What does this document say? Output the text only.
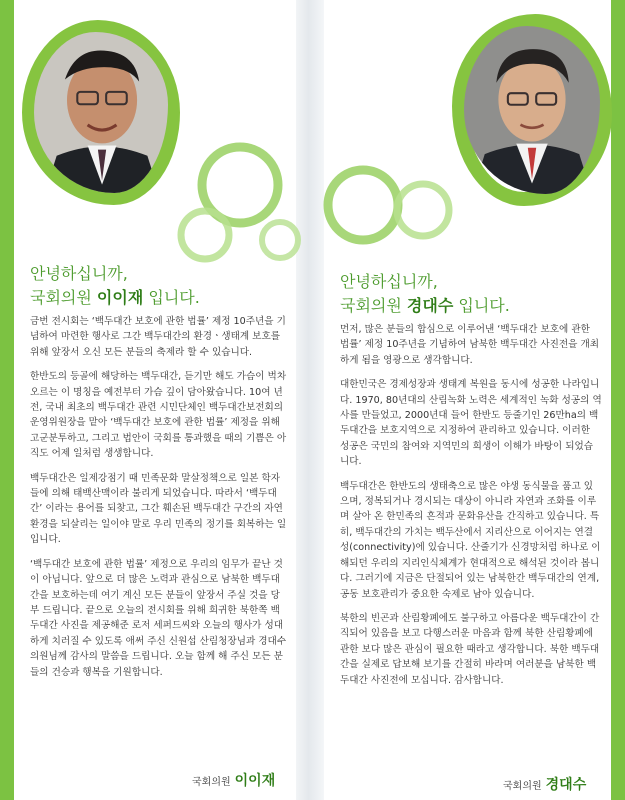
안녕하십니까,
국회의원 이이재 입니다.

금번 전시회는 ‘백두대간 보호에 관한 법률’ 제정 10주년을 기념하여 마련한 행사로 그간 백두대간의 환경ㆍ생태계 보호를 위해 앞장서 오신 모든 분들의 축제라 할 수 있습니다.

한반도의 등골에 해당하는 백두대간, 듣기만 해도 가슴이 벅차오르는 이 명칭을 예전부터 가슴 깊이 담아왔습니다. 10여 년 전, 국내 최초의 백두대간 관련 시민단체인 백두대간보전회의 운영위원장을 맡아 ‘백두대간 보호에 관한 법률’ 제정을 위해 고군분투하고, 그리고 법안이 국회를 통과했을 때의 기쁨은 아직도 어제 일처럼 생생합니다.

백두대간은 일제강점기 때 민족문화 말살정책으로 일본 학자들에 의해 태백산맥이라 불리게 되었습니다. 따라서 ‘백두대간’ 이라는 용어를 되찾고, 그간 훼손된 백두대간 구간의 자연환경을 되살리는 일이야 말로 우리 민족의 정기를 회복하는 일입니다.

‘백두대간 보호에 관한 법률’ 제정으로 우리의 임무가 끝난 것이 아닙니다. 앞으로 더 많은 노력과 관심으로 남북한 백두대간을 보호하는데 여기 계신 모든 분들이 앞장서 주실 것을 당부 드립니다. 끝으로 오늘의 전시회를 위해 희귀한 북한쪽 백두대간 사진을 제공해준 로저 세퍼드씨와 오늘의 행사가 성대하게 치러질 수 있도록 애써 주신 신원섭 산림청장님과 경대수 의원님께 감사의 말씀을 드립니다. 오늘 함께 해 주신 모든 분들의 건승과 행복을 기원합니다.

국회의원 이이재
안녕하십니까,
국회의원 경대수 입니다.

먼저, 많은 분들의 합심으로 이루어낸 ‘백두대간 보호에 관한 법률’ 제정 10주년을 기념하여 남북한 백두대간 사진전을 개최하게 됨을 영광으로 생각합니다.

대한민국은 경제성장과 생태계 복원을 동시에 성공한 나라입니다. 1970, 80년대의 산림녹화 노력은 세계적인 녹화 성공의 역사를 만들었고, 2000년대 들어 한반도 등줄기인 26만ha의 백두대간을 보호지역으로 지정하여 관리하고 있습니다. 이러한 성공은 국민의 참여와 지역민의 희생이 이해가 바탕이 되었습니다.

백두대간은 한반도의 생태축으로 많은 야생 동식물을 품고 있으며, 정복되거나 경시되는 대상이 아니라 자연과 조화를 이루며 살아 온 한민족의 흔적과 문화유산을 간직하고 있습니다. 특히, 백두대간의 가치는 백두산에서 지리산으로 이어지는 연결성(connectivity)에 있습니다. 산줄기가 신경망처럼 하나로 이해되던 우리의 지리인식체계가 현대적으로 해석된 것이라 봅니다. 그러기에 지금은 단절되어 있는 남북한간 백두대간의 연계, 공동 보호관리가 중요한 숙제로 남아 있습니다.

북한의 빈곤과 산림황폐에도 불구하고 아름다운 백두대간이 간직되어 있음을 보고 다행스러운 마음과 함께 북한 산림황폐에 관한 보다 많은 관심이 필요한 때라고 생각합니다. 북한 백두대간을 실제로 답보해 보기를 간절히 바라며 여러분을 남북한 백두대간 사진전에 모십니다. 감사합니다.

국회의원 경대수
